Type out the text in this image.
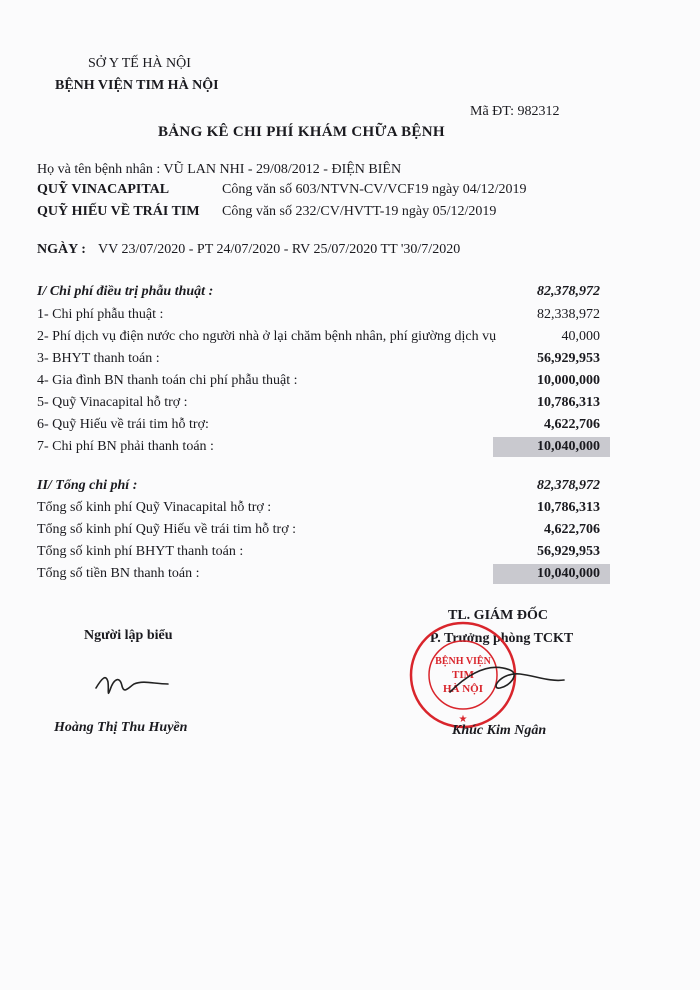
SỞ Y TẾ HÀ NỘI
BỆNH VIỆN TIM HÀ NỘI
Mã ĐT: 982312
BẢNG KÊ CHI PHÍ KHÁM CHỮA BỆNH
Họ và tên bệnh nhân : VŨ LAN NHI - 29/08/2012 - ĐIỆN BIÊN
QUỸ VINACAPITAL	Công văn số 603/NTVN-CV/VCF19 ngày 04/12/2019
QUỸ HIẾU VỀ TRÁI TIM Công văn số 232/CV/HVTT-19 ngày 05/12/2019
NGÀY : VV 23/07/2020 - PT 24/07/2020 - RV 25/07/2020 TT '30/7/2020
I/ Chi phí điều trị phẫu thuật :	82,378,972
1- Chi phí phẫu thuật :	82,338,972
2- Phí dịch vụ điện nước cho người nhà ở lại chăm bệnh nhân, phí giường dịch vụ	40,000
3- BHYT thanh toán :	56,929,953
4- Gia đình BN thanh toán chi phí phẫu thuật :	10,000,000
5- Quỹ Vinacapital hỗ trợ :	10,786,313
6- Quỹ Hiếu về trái tim hỗ trợ:	4,622,706
7- Chi phí BN phải thanh toán :	10,040,000
II/ Tổng chi phí :	82,378,972
Tổng số kinh phí Quỹ Vinacapital hỗ trợ :	10,786,313
Tổng số kinh phí Quỹ Hiếu về trái tim hỗ trợ :	4,622,706
Tổng số kinh phí BHYT thanh toán :	56,929,953
Tổng số tiền BN thanh toán :	10,040,000
Người lập biểu
Hoàng Thị Thu Huyền
TL. GIÁM ĐỐC
P. Trưởng phòng TCKT
BỆNH VIỆN
TIM
HÀ NỘI
★
Khúc Kim Ngân
